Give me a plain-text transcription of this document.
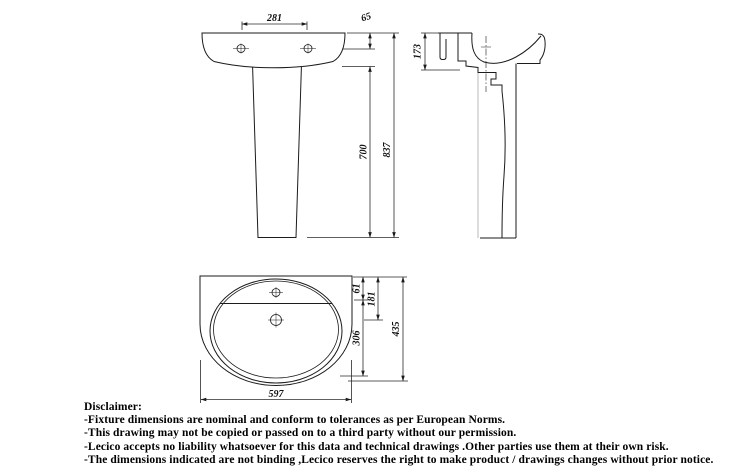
281	65
700 837
173
61
181
306
435
597
Disclaimer:
-Fixture dimensions are nominal and conform to tolerances as per European Norms.
-This drawing may not be copied or passed on to a third party without our permission.
-Lecico accepts no liability whatsoever for this data and technical drawings .Other parties use them at their own risk.
-The dimensions indicated are not binding ,Lecico reserves the right to make product / drawings changes without prior notice.
